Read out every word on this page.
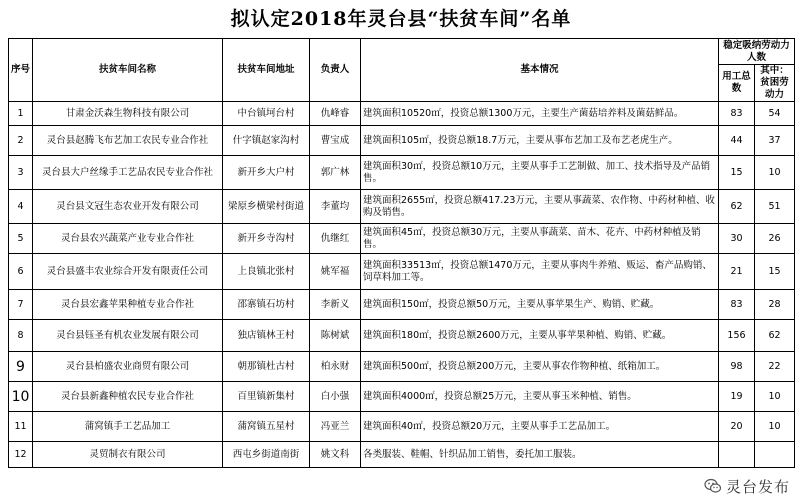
拟认定2018年灵台县“扶贫车间”名单
序号	扶贫车间名称	扶贫车间地址	负责人	基本情况	稳定吸纳劳动力人数	
					用工总数	其中：贫困劳动力
1	甘肃金沃森生物科技有限公司	中台镇坷台村	仇峰睿	建筑面积10520㎡，投资总额1300万元，主要生产菌菇培养料及菌菇鲜品。	83	54
2	灵台县赵腾飞布艺加工农民专业合作社	什字镇赵家沟村	曹宝成	建筑面积105㎡，投资总额18.7万元，主要从事布艺加工及布艺老虎生产。	44	37
3	灵台县大户丝缘手工艺品农民专业合作社	新开乡大户村	郭广林	建筑面积30㎡，投资总额10万元，主要从事手工艺制做、加工、技术指导及产品销售。	15	10
4	灵台县文冠生态农业开发有限公司	梁原乡横梁村街道	李董均	建筑面积2655㎡，投资总额417.23万元，主要从事蔬菜、农作物、中药材种植、收购及销售。	62	51
5	灵台县农兴蔬菜产业专业合作社	新开乡寺沟村	仇继红	建筑面积45㎡，投资总额30万元，主要从事蔬菜、苗木、花卉、中药材种植及销售。	30	26
6	灵台县盛丰农业综合开发有限责任公司	上良镇北张村	姚军福	建筑面积33513㎡，投资总额1470万元，主要从事肉牛养殖、贩运、畜产品购销、饲草料加工等。	21	15
7	灵台县宏鑫苹果种植专业合作社	邵寨镇石坊村	李新义	建筑面积150㎡，投资总额50万元，主要从事苹果生产、购销、贮藏。	83	28
8	灵台县钰圣有机农业发展有限公司	独店镇林王村	陈树斌	建筑面积180㎡，投资总额2600万元，主要从事苹果种植、购销、贮藏。	156	62
9	灵台县柏盛农业商贸有限公司	朝那镇杜古村	柏永财	建筑面积500㎡，投资总额200万元，主要从事农作物种植、纸箱加工。	98	22
10	灵台县新鑫种植农民专业合作社	百里镇新集村	白小强	建筑面积4000㎡，投资总额25万元，主要从事玉米种植、销售。	19	10
11	蒲窝镇手工艺品加工	蒲窝镇五星村	冯亚兰	建筑面积40㎡，投资总额20万元，主要从事手工艺品加工。	20	10
12	灵贸制衣有限公司	西屯乡街道南街	姚文科	各类服装、鞋帽、针织品加工销售，委托加工服装。		
灵台发布
